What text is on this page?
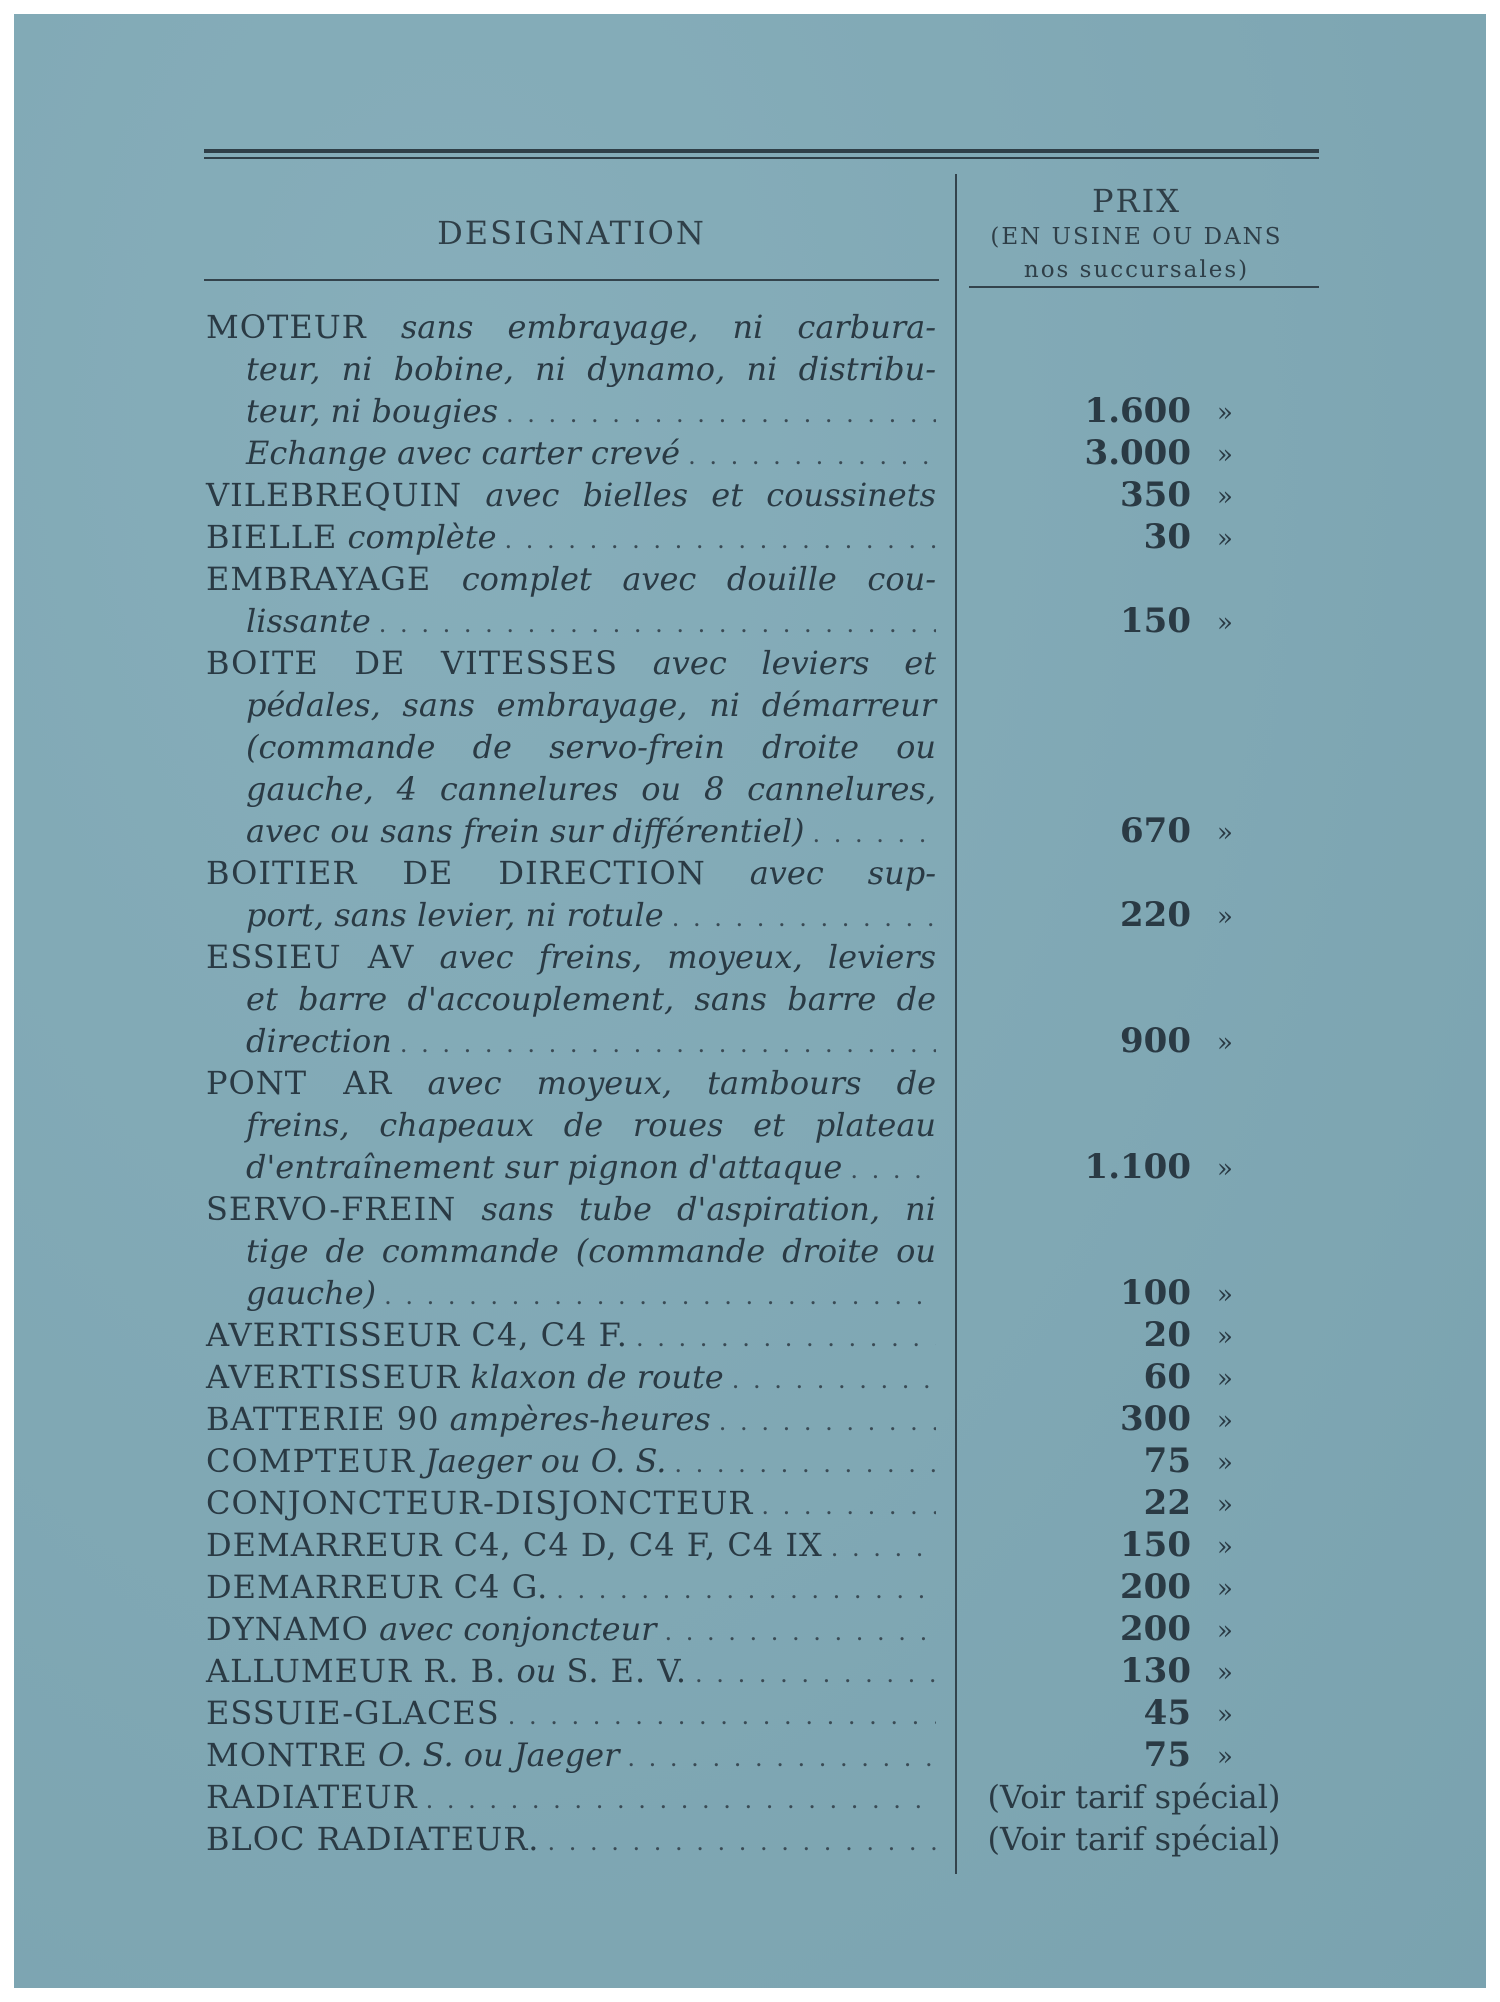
DESIGNATION
PRIX
(EN USINE OU DANS
nos succursales)
MOTEUR sans embrayage, ni carbura-
teur, ni bobine, ni dynamo, ni distribu-
teur, ni bougies
. . .
Echange avec carter crevé
. . .
VILEBREQUIN avec bielles et coussinets
BIELLE complète
. . .
EMBRAYAGE complet avec douille cou-
lissante
. . .
BOITE DE VITESSES avec leviers et
pédales, sans embrayage, ni démarreur
(commande de servo-frein droite ou
gauche, 4 cannelures ou 8 cannelures,
avec ou sans frein sur différentiel)
. . .
BOITIER DE DIRECTION avec sup-
port, sans levier, ni rotule
. . .
ESSIEU AV avec freins, moyeux, leviers
et barre d'accouplement, sans barre de
direction
. . .
PONT AR avec moyeux, tambours de
freins, chapeaux de roues et plateau
d'entraînement sur pignon d'attaque
. . .
SERVO-FREIN sans tube d'aspiration, ni
tige de commande (commande droite ou
gauche)
. . .
AVERTISSEUR C4, C4 F.
. . .
AVERTISSEUR klaxon de route
. . .
BATTERIE 90 ampères-heures
. . .
COMPTEUR Jaeger ou O. S.
. . .
CONJONCTEUR-DISJONCTEUR
. . .
DEMARREUR C4, C4 D, C4 F, C4 IX
. . .
DEMARREUR C4 G.
. . .
DYNAMO avec conjoncteur
. . .
ALLUMEUR R. B. ou S. E. V.
. . .
ESSUIE-GLACES
. . .
MONTRE O. S. ou Jaeger
. . .
RADIATEUR
. . .
BLOC RADIATEUR.
. . .
1.600 »
3.000 »
350 »
30 »
150 »
670 »
220 »
900 »
1.100 »
100 »
20 »
60 »
300 »
75 »
22 »
150 »
200 »
200 »
130 »
45 »
75 »
(Voir tarif spécial)
(Voir tarif spécial)
